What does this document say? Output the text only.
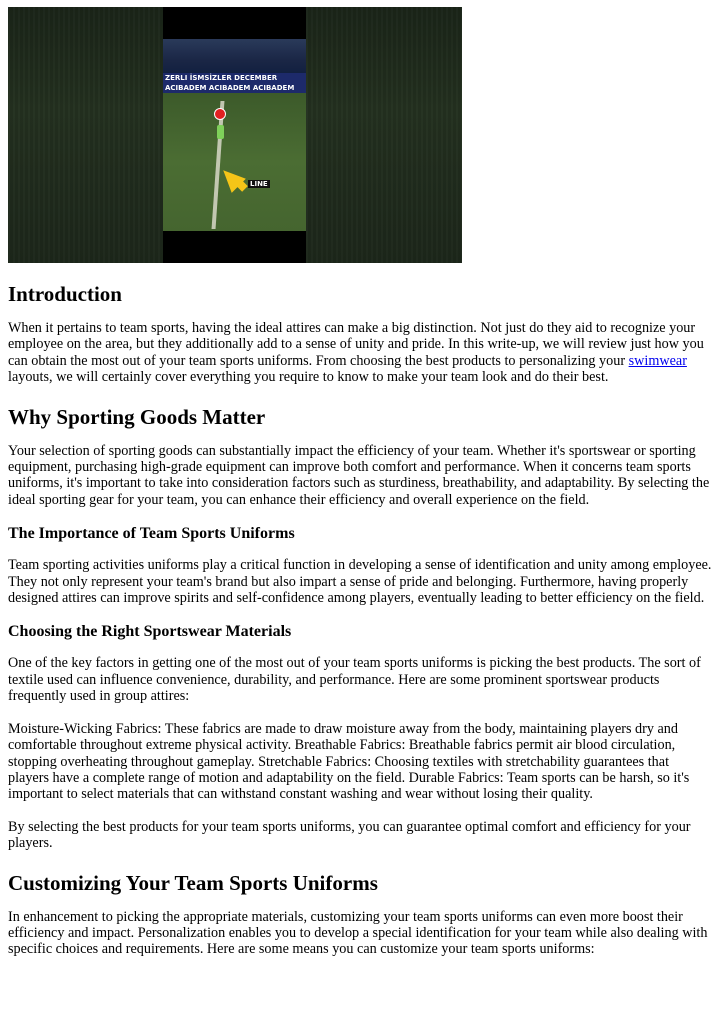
ZERLI İSMSİZLER DECEMBER
ACIBADEM ACIBADEM ACIBADEM
LINE
Introduction

When it pertains to team sports, having the ideal attires can make a big distinction. Not just do they aid to recognize your employee on the area, but they additionally add to a sense of unity and pride. In this write-up, we will review just how you can obtain the most out of your team sports uniforms. From choosing the best products to personalizing your swimwear layouts, we will certainly cover everything you require to know to make your team look and do their best.

Why Sporting Goods Matter

Your selection of sporting goods can substantially impact the efficiency of your team. Whether it's sportswear or sporting equipment, purchasing high-grade equipment can improve both comfort and performance. When it concerns team sports uniforms, it's important to take into consideration factors such as sturdiness, breathability, and adaptability. By selecting the ideal sporting gear for your team, you can enhance their efficiency and overall experience on the field.

The Importance of Team Sports Uniforms

Team sporting activities uniforms play a critical function in developing a sense of identification and unity among employee. They not only represent your team's brand but also impart a sense of pride and belonging. Furthermore, having properly designed attires can improve spirits and self-confidence among players, eventually leading to better efficiency on the field.

Choosing the Right Sportswear Materials

One of the key factors in getting one of the most out of your team sports uniforms is picking the best products. The sort of textile used can influence convenience, durability, and performance. Here are some prominent sportswear products frequently used in group attires:

Moisture-Wicking Fabrics: These fabrics are made to draw moisture away from the body, maintaining players dry and comfortable throughout extreme physical activity. Breathable Fabrics: Breathable fabrics permit air blood circulation, stopping overheating throughout gameplay. Stretchable Fabrics: Choosing textiles with stretchability guarantees that players have a complete range of motion and adaptability on the field. Durable Fabrics: Team sports can be harsh, so it's important to select materials that can withstand constant washing and wear without losing their quality.

By selecting the best products for your team sports uniforms, you can guarantee optimal comfort and efficiency for your players.

Customizing Your Team Sports Uniforms

In enhancement to picking the appropriate materials, customizing your team sports uniforms can even more boost their efficiency and impact. Personalization enables you to develop a special identification for your team while also dealing with specific choices and requirements. Here are some means you can customize your team sports uniforms:
